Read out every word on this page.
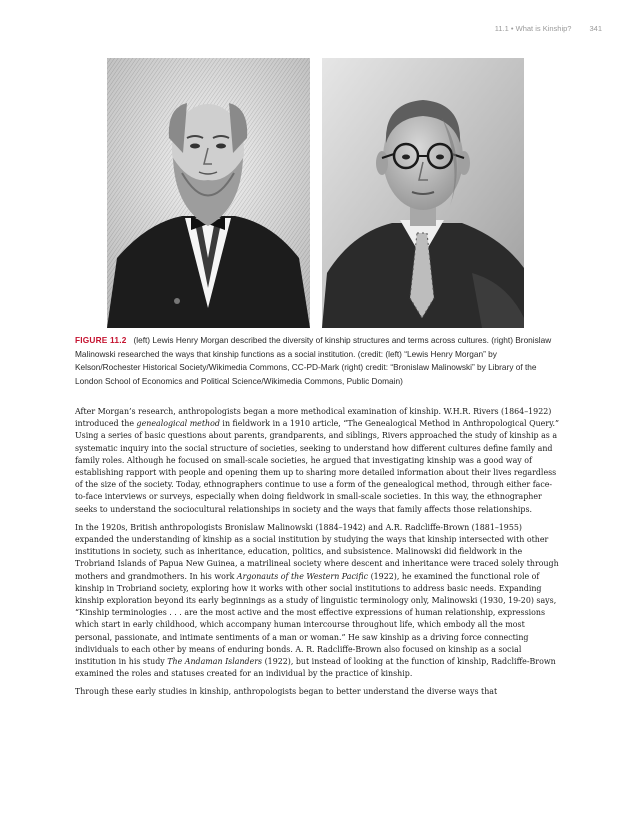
11.1 • What is Kinship? 341
FIGURE 11.2 (left) Lewis Henry Morgan described the diversity of kinship structures and terms across cultures. (right) Bronislaw Malinowski researched the ways that kinship functions as a social institution. (credit: (left) “Lewis Henry Morgan” by Kelson/Rochester Historical Society/Wikimedia Commons, CC-PD-Mark (right) credit: “Bronislaw Malinowski” by Library of the London School of Economics and Political Science/Wikimedia Commons, Public Domain)

After Morgan’s research, anthropologists began a more methodical examination of kinship. W.H.R. Rivers (1864–1922) introduced the genealogical method in fieldwork in a 1910 article, “The Genealogical Method in Anthropological Query.” Using a series of basic questions about parents, grandparents, and siblings, Rivers approached the study of kinship as a systematic inquiry into the social structure of societies, seeking to understand how different cultures define family and family roles. Although he focused on small-scale societies, he argued that investigating kinship was a good way of establishing rapport with people and opening them up to sharing more detailed information about their lives regardless of the size of the society. Today, ethnographers continue to use a form of the genealogical method, through either face-to-face interviews or surveys, especially when doing fieldwork in small-scale societies. In this way, the ethnographer seeks to understand the sociocultural relationships in society and the ways that family affects those relationships.

In the 1920s, British anthropologists Bronislaw Malinowski (1884–1942) and A.R. Radcliffe-Brown (1881–1955) expanded the understanding of kinship as a social institution by studying the ways that kinship intersected with other institutions in society, such as inheritance, education, politics, and subsistence. Malinowski did fieldwork in the Trobriand Islands of Papua New Guinea, a matrilineal society where descent and inheritance were traced solely through mothers and grandmothers. In his work Argonauts of the Western Pacific (1922), he examined the functional role of kinship in Trobriand society, exploring how it works with other social institutions to address basic needs. Expanding kinship exploration beyond its early beginnings as a study of linguistic terminology only, Malinowski (1930, 19-20) says, “Kinship terminologies . . . are the most active and the most effective expressions of human relationship, expressions which start in early childhood, which accompany human intercourse throughout life, which embody all the most personal, passionate, and intimate sentiments of a man or woman.” He saw kinship as a driving force connecting individuals to each other by means of enduring bonds. A. R. Radcliffe-Brown also focused on kinship as a social institution in his study The Andaman Islanders (1922), but instead of looking at the function of kinship, Radcliffe-Brown examined the roles and statuses created for an individual by the practice of kinship.

Through these early studies in kinship, anthropologists began to better understand the diverse ways that
